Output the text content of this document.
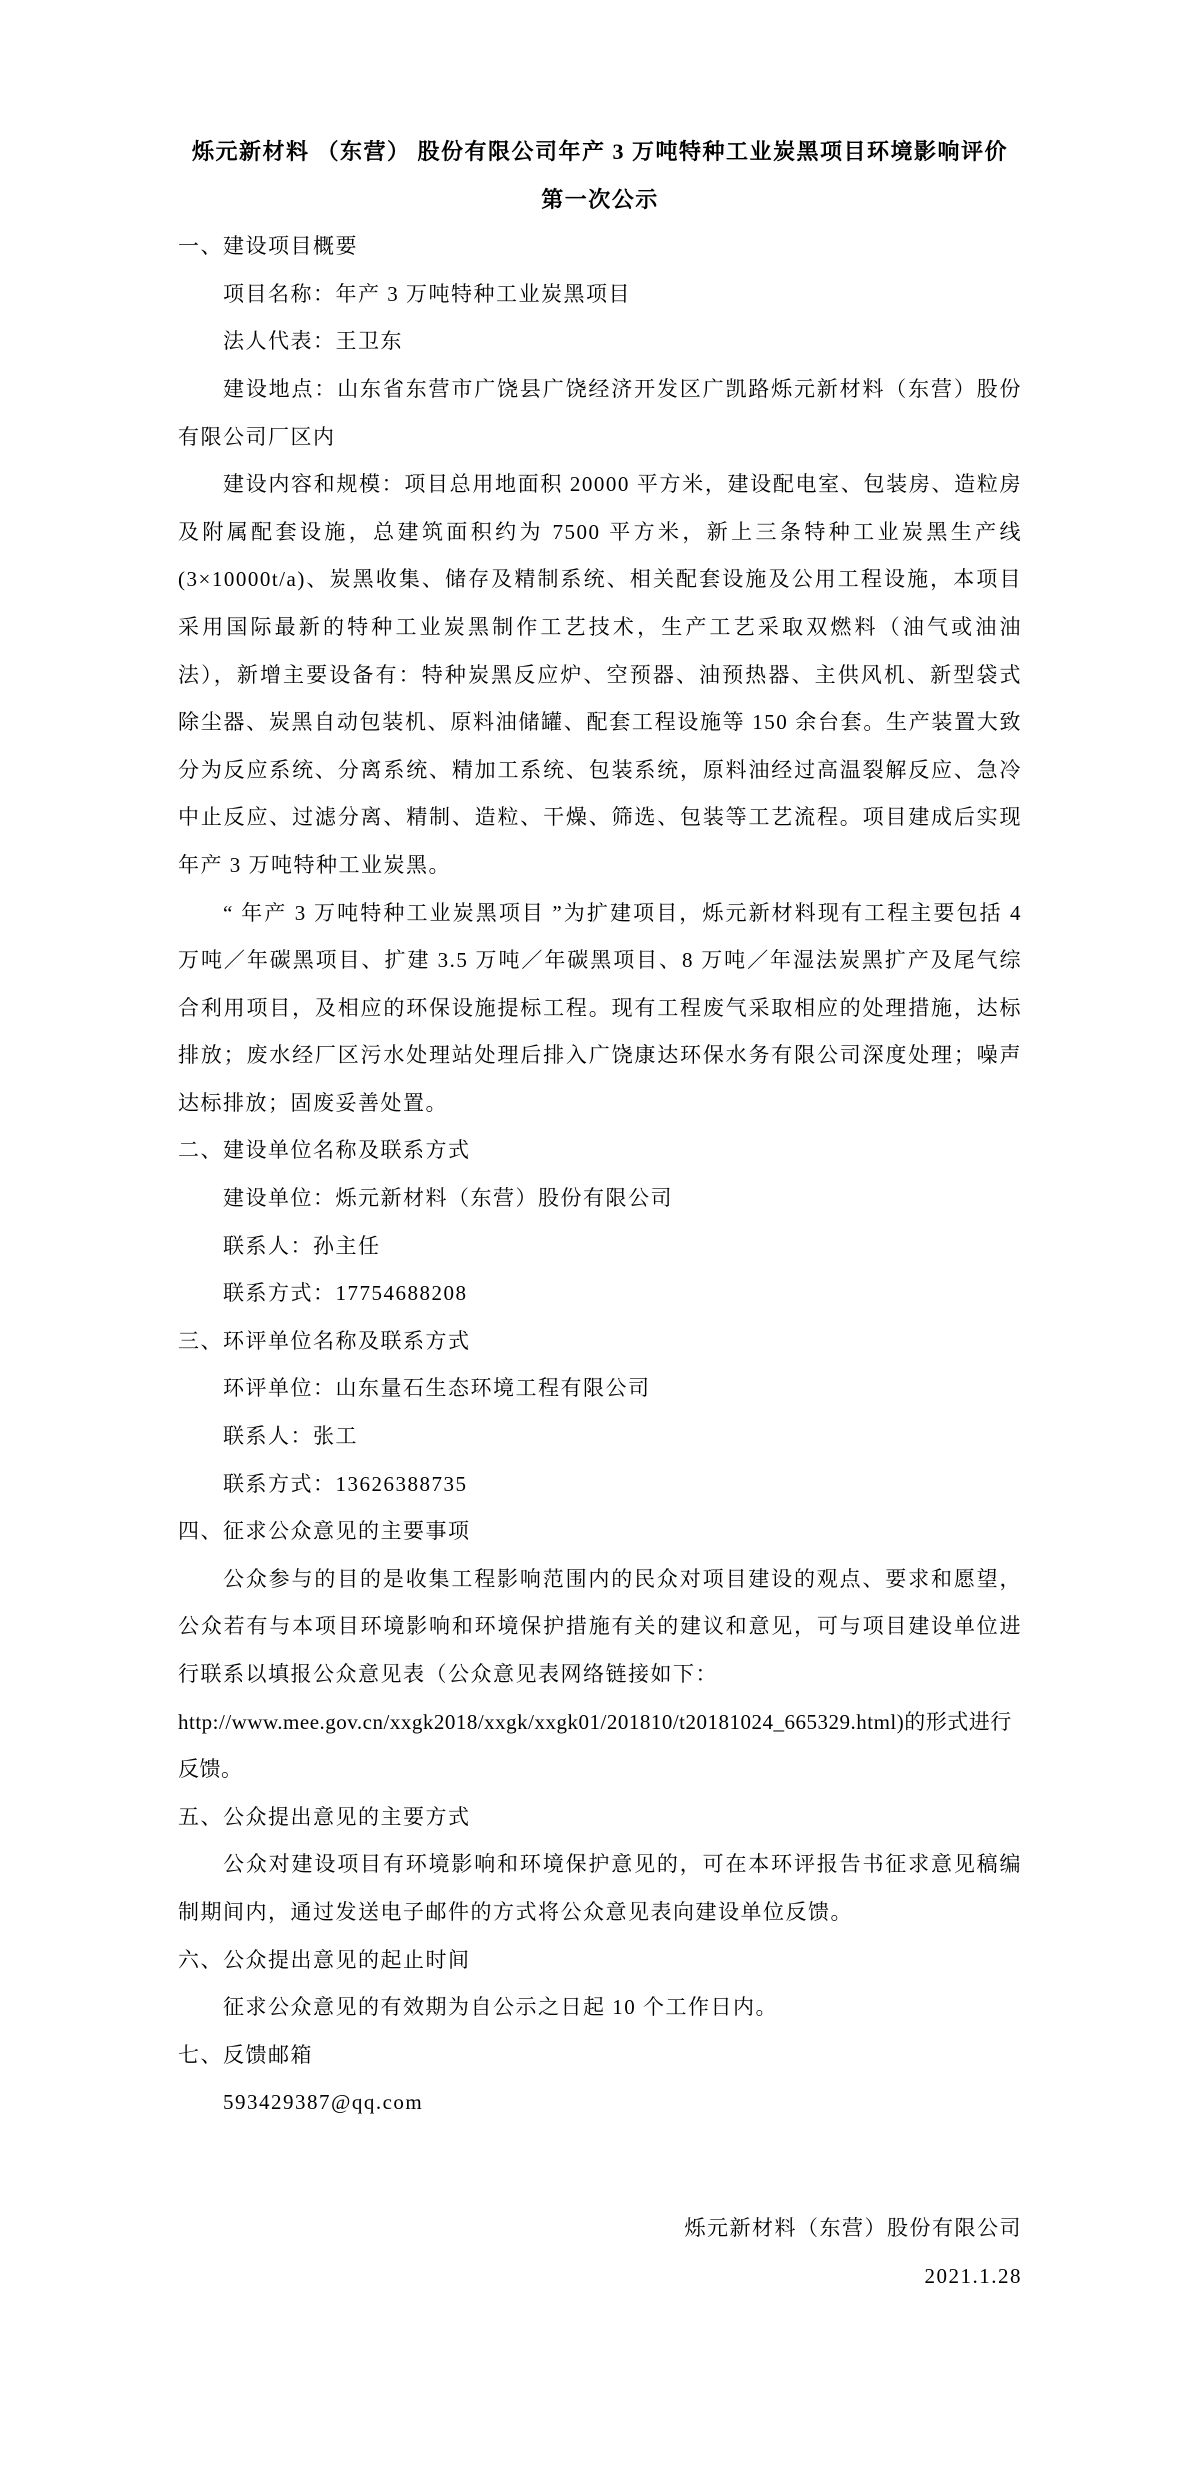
烁元新材料 （东营） 股份有限公司年产 3 万吨特种工业炭黑项目环境影响评价
第一次公示
一、建设项目概要

项目名称：年产 3 万吨特种工业炭黑项目

法人代表：王卫东

建设地点：山东省东营市广饶县广饶经济开发区广凯路烁元新材料（东营）股份有限公司厂区内

建设内容和规模：项目总用地面积 20000 平方米，建设配电室、包装房、造粒房及附属配套设施，总建筑面积约为 7500 平方米，新上三条特种工业炭黑生产线(3×10000t/a)、炭黑收集、储存及精制系统、相关配套设施及公用工程设施，本项目采用国际最新的特种工业炭黑制作工艺技术，生产工艺采取双燃料（油气或油油法），新增主要设备有：特种炭黑反应炉、空预器、油预热器、主供风机、新型袋式除尘器、炭黑自动包装机、原料油储罐、配套工程设施等 150 余台套。生产装置大致分为反应系统、分离系统、精加工系统、包装系统，原料油经过高温裂解反应、急冷中止反应、过滤分离、精制、造粒、干燥、筛选、包装等工艺流程。项目建成后实现年产 3 万吨特种工业炭黑。

“ 年产 3 万吨特种工业炭黑项目 ”为扩建项目，烁元新材料现有工程主要包括 4 万吨／年碳黑项目、扩建 3.5 万吨／年碳黑项目、8 万吨／年湿法炭黑扩产及尾气综合利用项目，及相应的环保设施提标工程。现有工程废气采取相应的处理措施，达标排放；废水经厂区污水处理站处理后排入广饶康达环保水务有限公司深度处理；噪声达标排放；固废妥善处置。

二、建设单位名称及联系方式

建设单位：烁元新材料（东营）股份有限公司

联系人：孙主任

联系方式：17754688208

三、环评单位名称及联系方式

环评单位：山东量石生态环境工程有限公司

联系人：张工

联系方式：13626388735

四、征求公众意见的主要事项

公众参与的目的是收集工程影响范围内的民众对项目建设的观点、要求和愿望，公众若有与本项目环境影响和环境保护措施有关的建议和意见，可与项目建设单位进行联系以填报公众意见表（公众意见表网络链接如下：

http://www.mee.gov.cn/xxgk2018/xxgk/xxgk01/201810/t20181024_665329.html)的形式进行反馈。

五、公众提出意见的主要方式

公众对建设项目有环境影响和环境保护意见的，可在本环评报告书征求意见稿编制期间内，通过发送电子邮件的方式将公众意见表向建设单位反馈。

六、公众提出意见的起止时间

征求公众意见的有效期为自公示之日起 10 个工作日内。

七、反馈邮箱

593429387@qq.com

烁元新材料（东营）股份有限公司
2021.1.28
